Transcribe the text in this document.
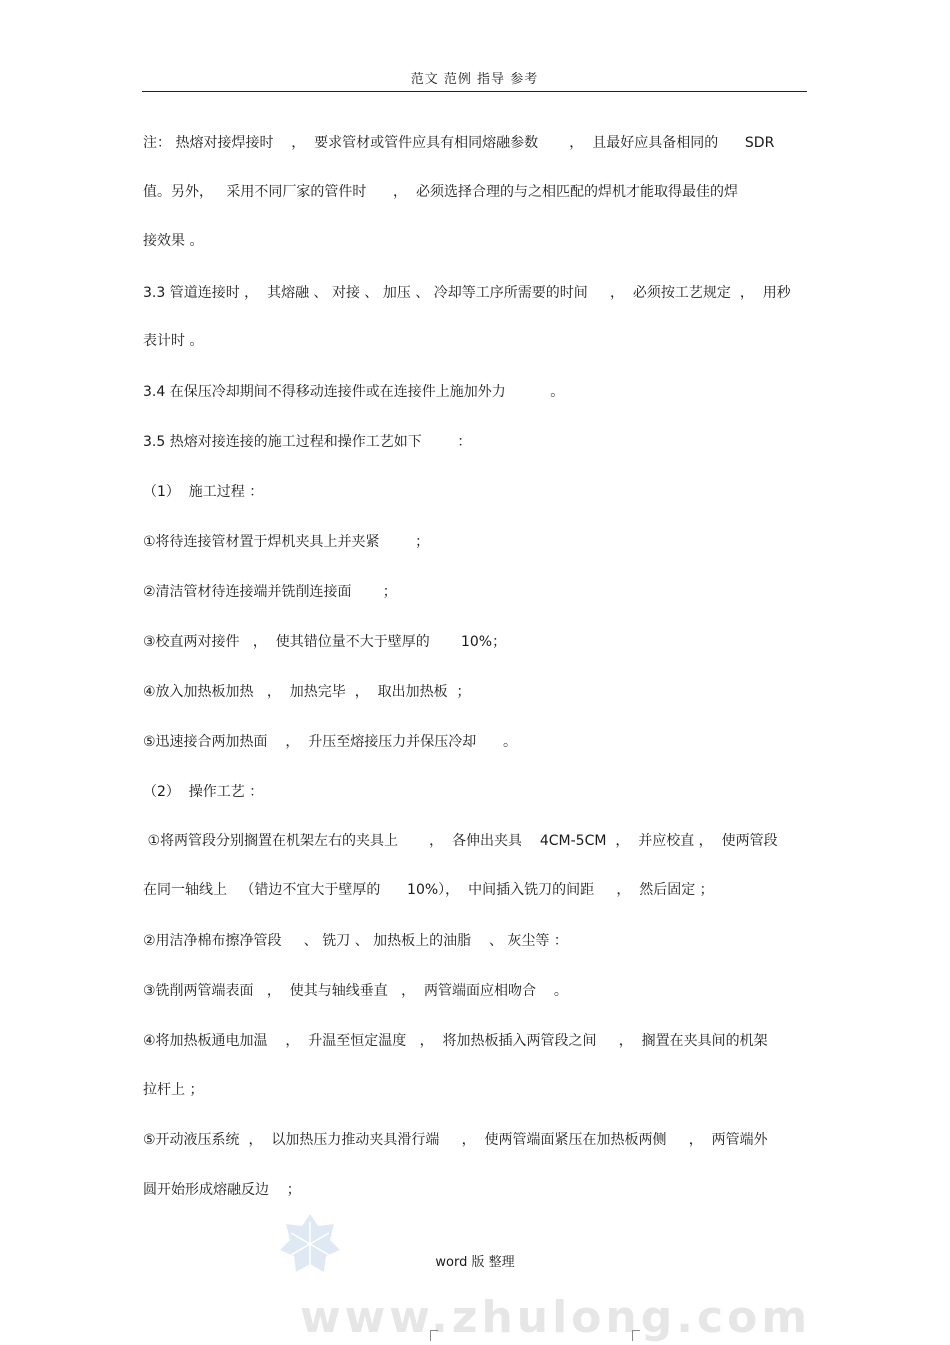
范文 范例 指导 参考
注： 热熔对接焊接时    ，  要求管材或管件应具有相同熔融参数       ，  且最好应具备相同的      SDR
值。另外，   采用不同厂家的管件时      ，  必须选择合理的与之相匹配的焊机才能取得最佳的焊
接效果 。
3.3 管道连接时 ，  其熔融 、 对接 、 加压 、 冷却等工序所需要的时间     ，  必须按工艺规定  ，  用秒
表计时 。
3.4 在保压冷却期间不得移动连接件或在连接件上施加外力          。
3.5 热熔对接连接的施工过程和操作工艺如下        ：
（1）  施工过程 ：
①将待连接管材置于焊机夹具上并夹紧        ；
②清洁管材待连接端并铣削连接面       ；
③校直两对接件   ，  使其错位量不大于壁厚的       10%；
④放入加热板加热   ，  加热完毕  ，  取出加热板  ；
⑤迅速接合两加热面    ，  升压至熔接压力并保压冷却      。
（2）  操作工艺 ：
①将两管段分别搁置在机架左右的夹具上       ，  各伸出夹具    4CM-5CM  ，  并应校直 ，  使两管段
在同一轴线上   （错边不宜大于壁厚的      10%），  中间插入铣刀的间距     ，  然后固定 ；
②用洁净棉布擦净管段     、 铣刀 、 加热板上的油脂    、 灰尘等 ：
③铣削两管端表面   ，  使其与轴线垂直   ，  两管端面应相吻合    。
④将加热板通电加温    ，  升温至恒定温度   ，  将加热板插入两管段之间     ，  搁置在夹具间的机架
拉杆上 ；
⑤开动液压系统  ，  以加热压力推动夹具滑行端     ，  使两管端面紧压在加热板两侧     ，  两管端外
圆开始形成熔融反边    ；
word 版 整理
www.zhulong.com
